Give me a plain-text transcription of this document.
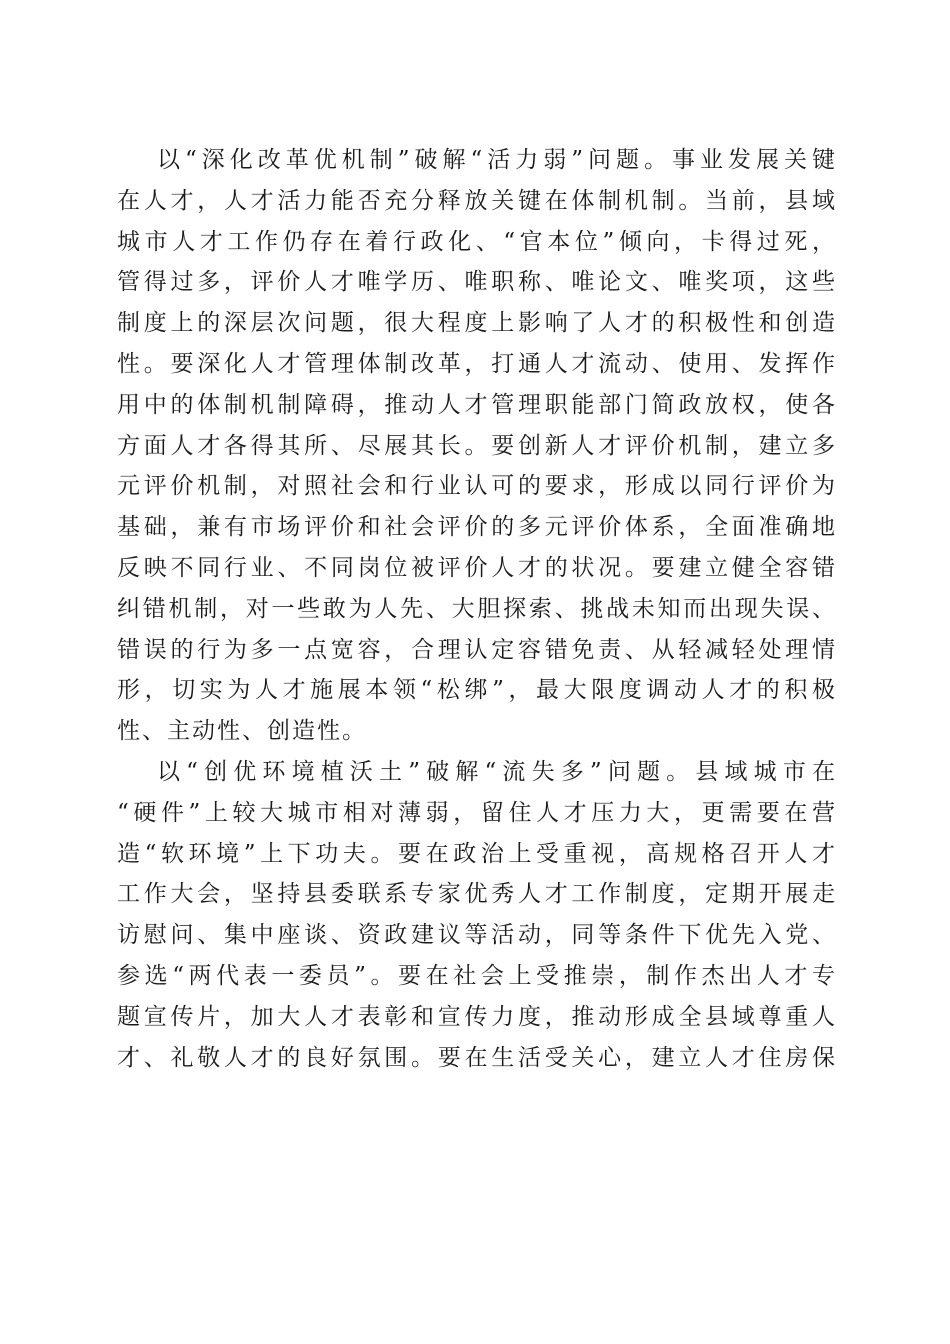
以“深化改革优机制”破解“活力弱”问题。事业发展关键
在人才，人才活力能否充分释放关键在体制机制。当前，县域
城市人才工作仍存在着行政化、“官本位”倾向，卡得过死，
管得过多，评价人才唯学历、唯职称、唯论文、唯奖项，这些
制度上的深层次问题，很大程度上影响了人才的积极性和创造
性。要深化人才管理体制改革，打通人才流动、使用、发挥作
用中的体制机制障碍，推动人才管理职能部门简政放权，使各
方面人才各得其所、尽展其长。要创新人才评价机制，建立多
元评价机制，对照社会和行业认可的要求，形成以同行评价为
基础，兼有市场评价和社会评价的多元评价体系，全面准确地
反映不同行业、不同岗位被评价人才的状况。要建立健全容错
纠错机制，对一些敢为人先、大胆探索、挑战未知而出现失误、
错误的行为多一点宽容，合理认定容错免责、从轻减轻处理情
形，切实为人才施展本领“松绑”，最大限度调动人才的积极
性、主动性、创造性。
以“创优环境植沃土”破解“流失多”问题。县域城市在
“硬件”上较大城市相对薄弱，留住人才压力大，更需要在营
造“软环境”上下功夫。要在政治上受重视，高规格召开人才
工作大会，坚持县委联系专家优秀人才工作制度，定期开展走
访慰问、集中座谈、资政建议等活动，同等条件下优先入党、
参选“两代表一委员”。要在社会上受推崇，制作杰出人才专
题宣传片，加大人才表彰和宣传力度，推动形成全县域尊重人
才、礼敬人才的良好氛围。要在生活受关心，建立人才住房保
